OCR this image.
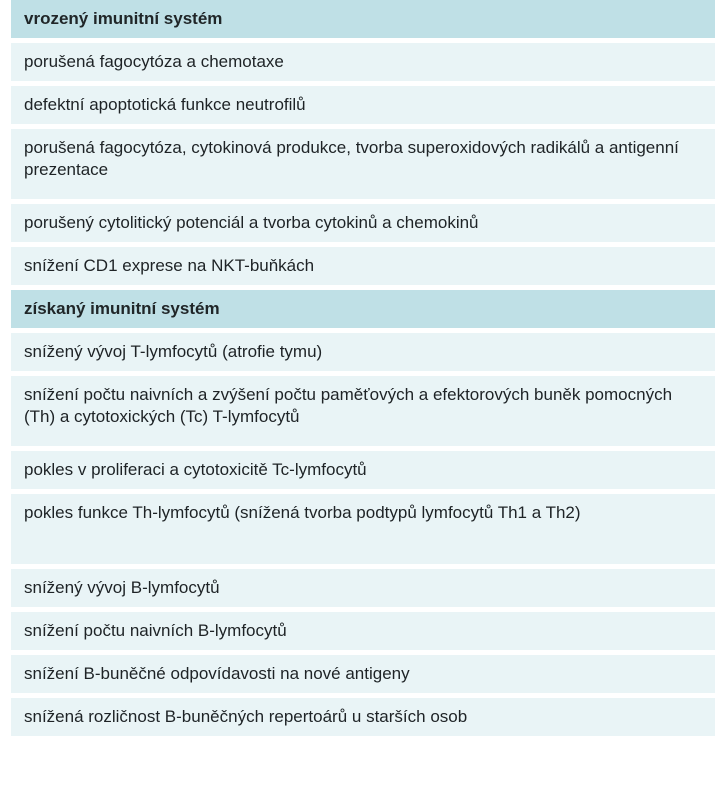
vrozený imunitní systém
porušená fagocytóza a chemotaxe
defektní apoptotická funkce neutrofilů
porušená fagocytóza, cytokinová produkce, tvorba superoxidových radikálů a antigenní prezentace
porušený cytolitický potenciál a tvorba cytokinů a chemokinů
snížení CD1 exprese na NKT-buňkách
získaný imunitní systém
snížený vývoj T-lymfocytů (atrofie tymu)
snížení počtu naivních a zvýšení počtu paměťových a efektorových buněk pomocných (Th) a cytotoxických (Tc) T-lymfocytů
pokles v proliferaci a cytotoxicitě Tc-lymfocytů
pokles funkce Th-lymfocytů (snížená tvorba podtypů lymfocytů Th1 a Th2)
snížený vývoj B-lymfocytů
snížení počtu naivních B-lymfocytů
snížení B-buněčné odpovídavosti na nové antigeny
snížená rozličnost B-buněčných repertoárů u starších osob
